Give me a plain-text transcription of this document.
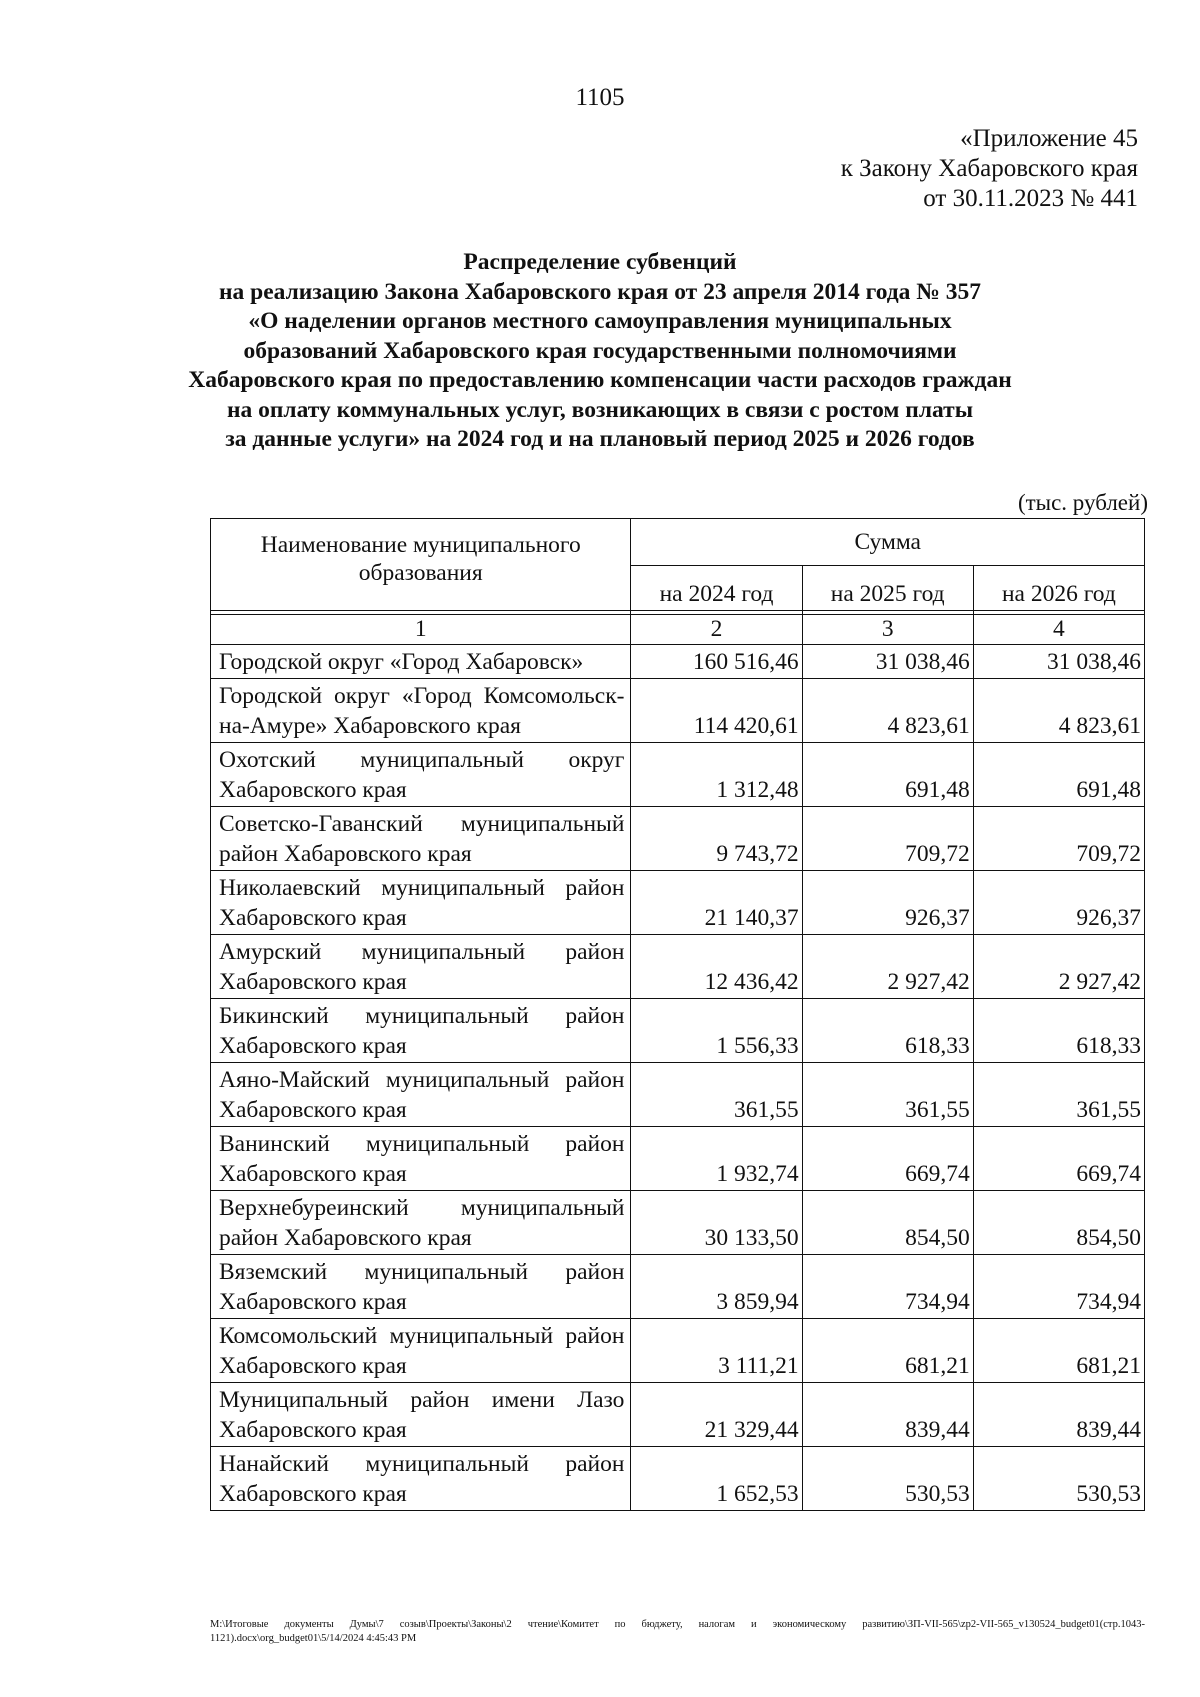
1105
«Приложение 45
к Закону Хабаровского края
от 30.11.2023 № 441
Распределение субвенций
на реализацию Закона Хабаровского края от 23 апреля 2014 года № 357
«О наделении органов местного самоуправления муниципальных
образований Хабаровского края государственными полномочиями
Хабаровского края по предоставлению компенсации части расходов граждан
на оплату коммунальных услуг, возникающих в связи с ростом платы
за данные услуги» на 2024 год и на плановый период 2025 и 2026 годов
(тыс. рублей)
Наименование муниципального образования	Сумма		
	на 2024 год	на 2025 год	на 2026 год

1	2	3	4
Городской округ «Город Хабаровск»	160 516,46	31 038,46	31 038,46
Городской округ «Город Комсомольск-на-Амуре» Хабаровского края	114 420,61	4 823,61	4 823,61
Охотский муниципальный округ Хабаровского края	1 312,48	691,48	691,48
Советско-Гаванский муниципальный район Хабаровского края	9 743,72	709,72	709,72
Николаевский муниципальный район Хабаровского края	21 140,37	926,37	926,37
Амурский муниципальный район Хабаровского края	12 436,42	2 927,42	2 927,42
Бикинский муниципальный район Хабаровского края	1 556,33	618,33	618,33
Аяно-Майский муниципальный район Хабаровского края	361,55	361,55	361,55
Ванинский муниципальный район Хабаровского края	1 932,74	669,74	669,74
Верхнебуреинский муниципальный район Хабаровского края	30 133,50	854,50	854,50
Вяземский муниципальный район Хабаровского края	3 859,94	734,94	734,94
Комсомольский муниципальный район Хабаровского края	3 111,21	681,21	681,21
Муниципальный район имени Лазо Хабаровского края	21 329,44	839,44	839,44
Нанайский муниципальный район Хабаровского края	1 652,53	530,53	530,53
M:\Итоговые документы Думы\7 созыв\Проекты\Законы\2 чтение\Комитет по бюджету, налогам и экономическому развитию\ЗП-VII-565\zp2-VII-565_v130524_budget01(стр.1043-1121).docx\org_budget01\5/14/2024 4:45:43 PM
